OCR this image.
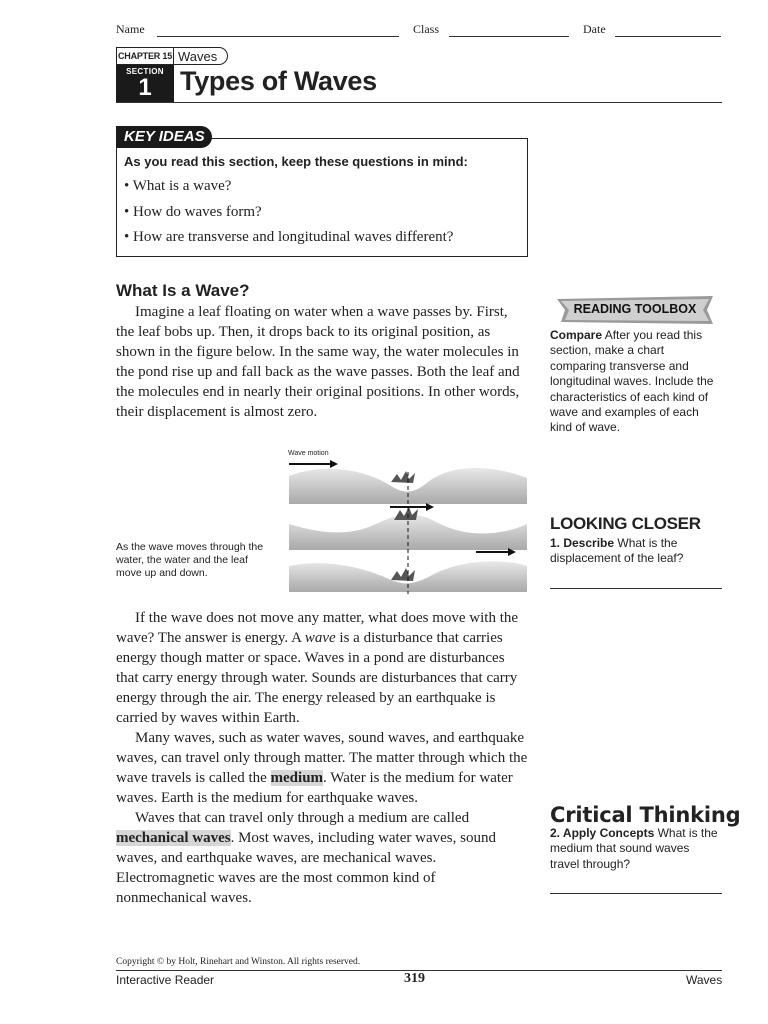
Name	Class	Date
CHAPTER 15 Waves
SECTION
1	Types of Waves
KEY IDEAS
As you read this section, keep these questions in mind:
• What is a wave?
• How do waves form?
• How are transverse and longitudinal waves different?
What Is a Wave?

Imagine a leaf floating on water when a wave passes by. First, the leaf bobs up. Then, it drops back to its original position, as shown in the figure below. In the same way, the water molecules in the pond rise up and fall back as the wave passes. Both the leaf and the molecules end in nearly their original positions. In other words, their displacement is almost zero.

Wave motion
As the wave moves through the water, the water and the leaf move up and down.

If the wave does not move any matter, what does move with the wave? The answer is energy. A wave is a disturbance that carries energy though matter or space. Waves in a pond are disturbances that carry energy through water. Sounds are disturbances that carry energy through the air. The energy released by an earthquake is carried by waves within Earth.

Many waves, such as water waves, sound waves, and earthquake waves, can travel only through matter. The matter through which the wave travels is called the medium. Water is the medium for water waves. Earth is the medium for earthquake waves.

Waves that can travel only through a medium are called mechanical waves. Most waves, including water waves, sound waves, and earthquake waves, are mechanical waves. Electromagnetic waves are the most common kind of nonmechanical waves.

READING TOOLBOX
Compare After you read this section, make a chart comparing transverse and longitudinal waves. Include the characteristics of each kind of wave and examples of each kind of wave.
LOOKING CLOSER
1. Describe What is the displacement of the leaf?
Critical Thinking
2. Apply Concepts What is the medium that sound waves travel through?
Copyright © by Holt, Rinehart and Winston. All rights reserved.
Interactive Reader	319	Waves
